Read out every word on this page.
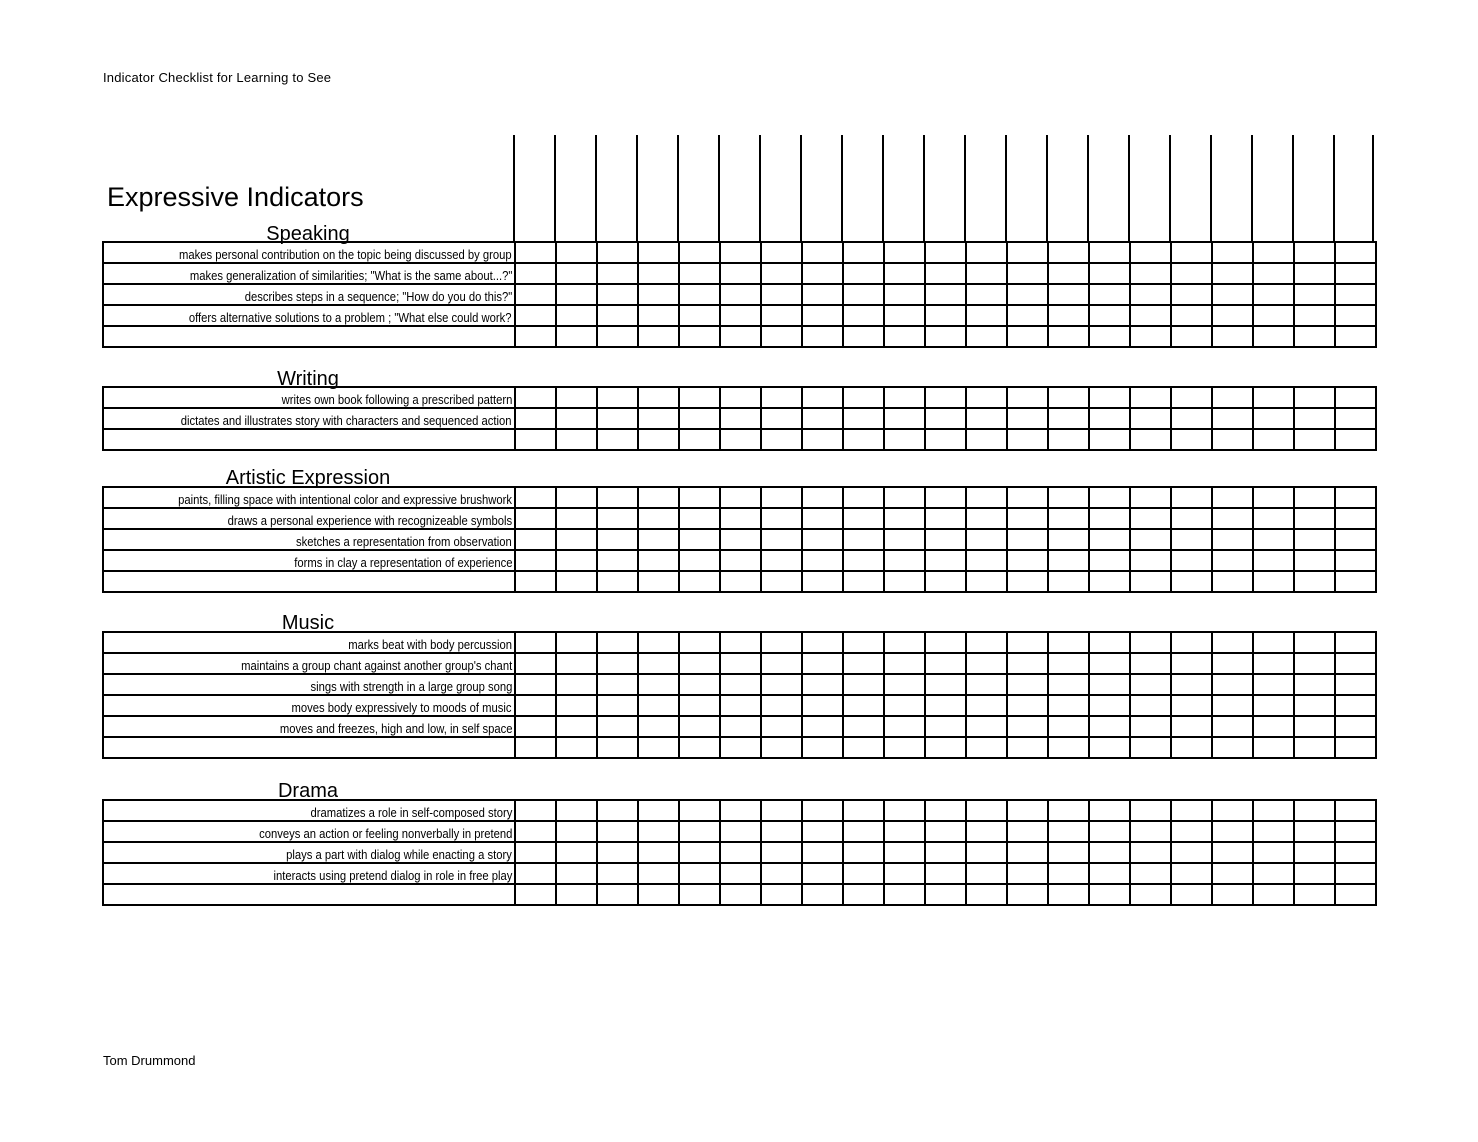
Indicator Checklist for Learning to See
Expressive Indicators
Speaking
makes personal contribution on the topic being discussed by group																					
makes generalization of similarities; "What is the same about...?"																					
describes steps in a sequence; "How do you do this?"																					
offers alternative solutions to a problem ; "What else could work?																					

Writing
writes own book following a prescribed pattern																					
dictates and illustrates story with characters and sequenced action																					

Artistic Expression
paints, filling space with intentional color and expressive brushwork																					
draws a personal experience with recognizeable symbols																					
sketches a representation from observation																					
forms in clay a representation of experience																					

Music
marks beat with body percussion																					
maintains a group chant against another group's chant																					
sings with strength in a large group song																					
moves body expressively to moods of music																					
moves and freezes, high and low, in self space																					

Drama
dramatizes a role in self-composed story																					
conveys an action or feeling nonverbally in pretend																					
plays a part with dialog while enacting a story																					
interacts using pretend dialog in role in free play																					

Tom Drummond
